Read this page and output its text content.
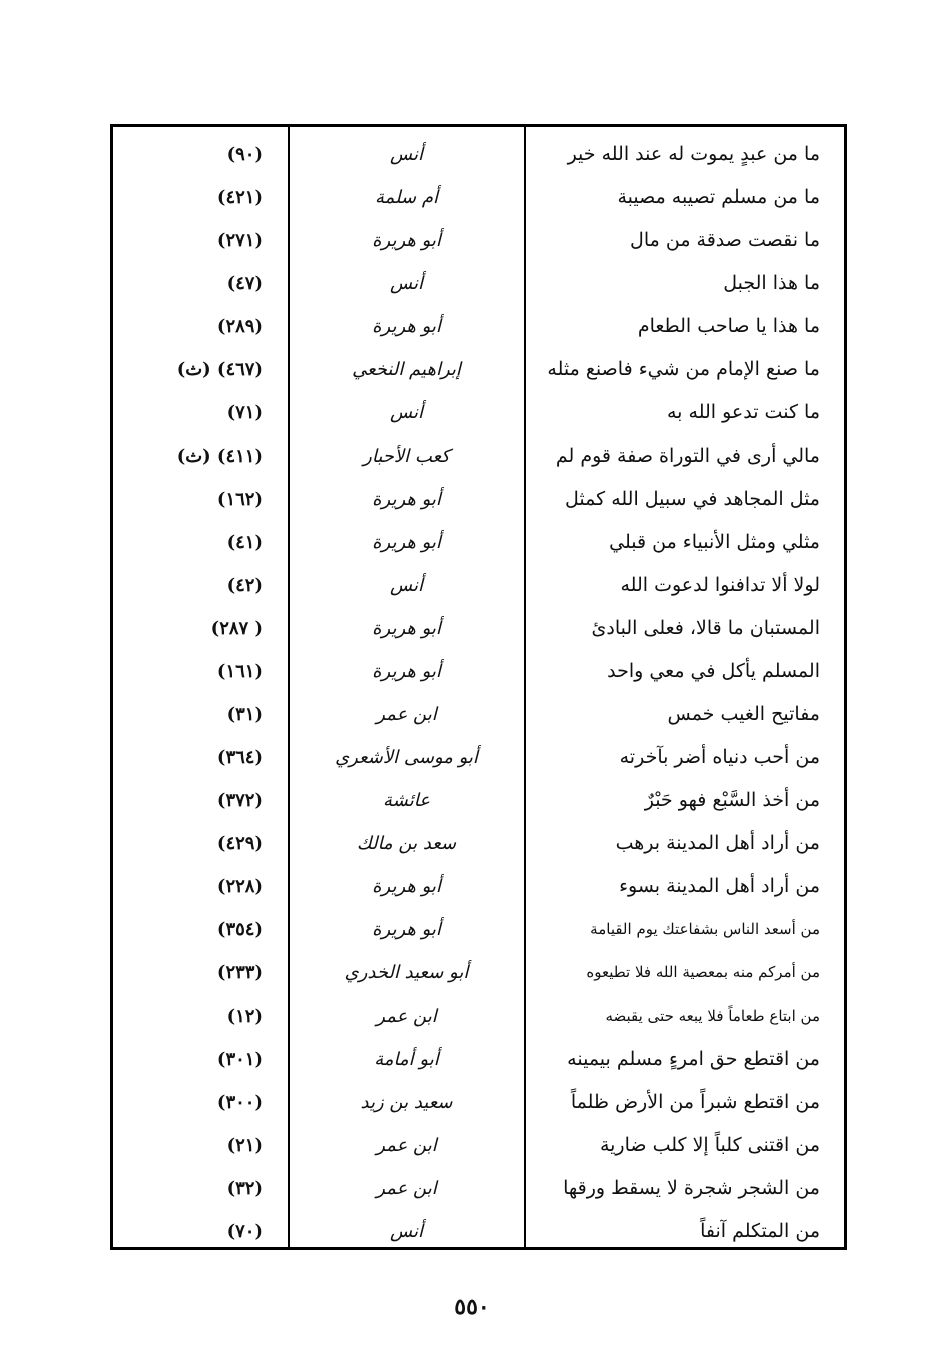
ما من عبدٍ يموت له عند الله خير
أنس
(٩٠)
ما من مسلم تصيبه مصيبة
أم سلمة
(٤٢١)
ما نقصت صدقة من مال
أبو هريرة
(٢٧١)
ما هذا الجبل
أنس
(٤٧)
ما هذا يا صاحب الطعام
أبو هريرة
(٢٨٩)
ما صنع الإمام من شيء فاصنع مثله
إبراهيم النخعي
(٤٦٧) (ث)
ما كنت تدعو الله به
أنس
(٧١)
مالي أرى في التوراة صفة قوم لم
كعب الأحبار
(٤١١) (ث)
مثل المجاهد في سبيل الله كمثل
أبو هريرة
(١٦٢)
مثلي ومثل الأنبياء من قبلي
أبو هريرة
(٤١)
لولا ألا تدافنوا لدعوت الله
أنس
(٤٢)
المستبان ما قالا، فعلى البادئ
أبو هريرة
( ٢٨٧)
المسلم يأكل في معي واحد
أبو هريرة
(١٦١)
مفاتيح الغيب خمس
ابن عمر
(٣١)
من أحب دنياه أضر بآخرته
أبو موسى الأشعري
(٣٦٤)
من أخذ السَّبْع فهو حَبْرٌ
عائشة
(٣٧٢)
من أراد أهل المدينة برهب
سعد بن مالك
(٤٢٩)
من أراد أهل المدينة بسوء
أبو هريرة
(٢٢٨)
من أسعد الناس بشفاعتك يوم القيامة
أبو هريرة
(٣٥٤)
من أمركم منه بمعصية الله فلا تطيعوه
أبو سعيد الخدري
(٢٣٣)
من ابتاع طعاماً فلا يبعه حتى يقبضه
ابن عمر
(١٢)
من اقتطع حق امرءٍ مسلم بيمينه
أبو أمامة
(٣٠١)
من اقتطع شبراً من الأرض ظلماً
سعيد بن زيد
(٣٠٠)
من اقتنى كلباً إلا كلب ضارية
ابن عمر
(٢١)
من الشجر شجرة لا يسقط ورقها
ابن عمر
(٣٢)
من المتكلم آنفاً
أنس
(٧٠)
٥٥٠
